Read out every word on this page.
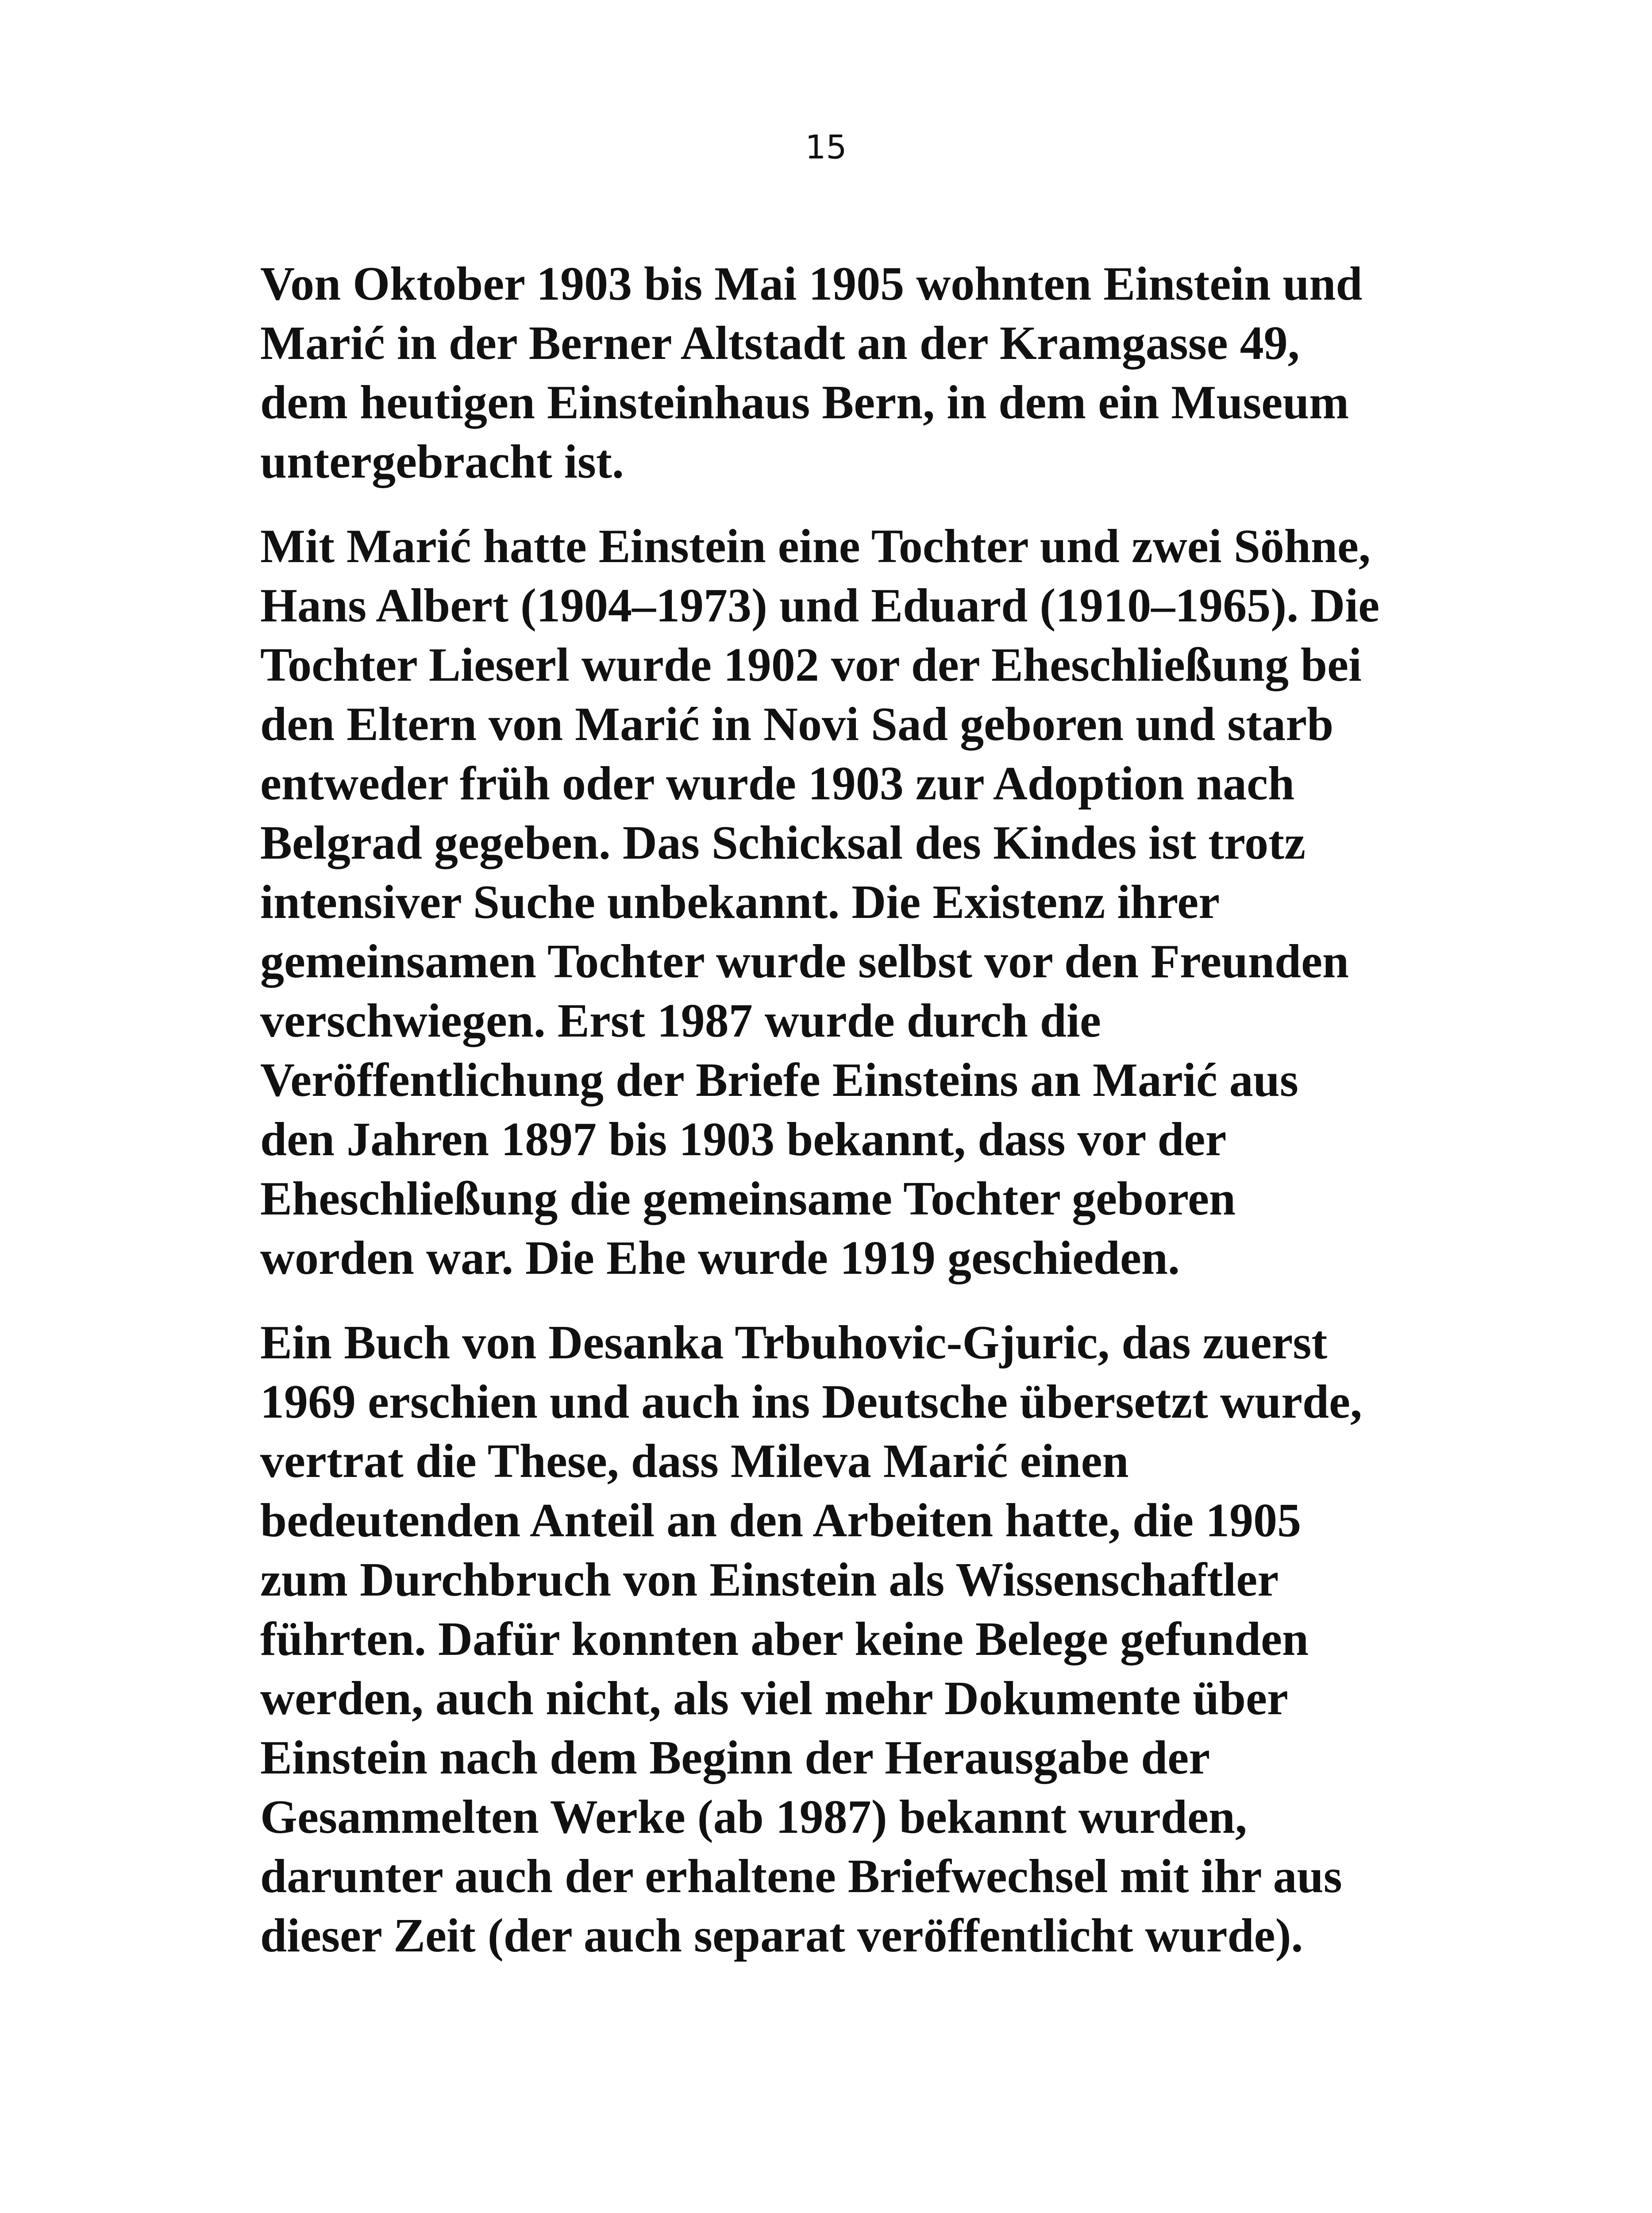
15

Von Oktober 1903 bis Mai 1905 wohnten Einstein und
Marić in der Berner Altstadt an der Kramgasse 49,
dem heutigen Einsteinhaus Bern, in dem ein Museum
untergebracht ist.

Mit Marić hatte Einstein eine Tochter und zwei Söhne,
Hans Albert (1904–1973) und Eduard (1910–1965). Die
Tochter Lieserl wurde 1902 vor der Eheschließung bei
den Eltern von Marić in Novi Sad geboren und starb
entweder früh oder wurde 1903 zur Adoption nach
Belgrad gegeben. Das Schicksal des Kindes ist trotz
intensiver Suche unbekannt. Die Existenz ihrer
gemeinsamen Tochter wurde selbst vor den Freunden
verschwiegen. Erst 1987 wurde durch die
Veröffentlichung der Briefe Einsteins an Marić aus
den Jahren 1897 bis 1903 bekannt, dass vor der
Eheschließung die gemeinsame Tochter geboren
worden war. Die Ehe wurde 1919 geschieden.

Ein Buch von Desanka Trbuhovic-Gjuric, das zuerst
1969 erschien und auch ins Deutsche übersetzt wurde,
vertrat die These, dass Mileva Marić einen
bedeutenden Anteil an den Arbeiten hatte, die 1905
zum Durchbruch von Einstein als Wissenschaftler
führten. Dafür konnten aber keine Belege gefunden
werden, auch nicht, als viel mehr Dokumente über
Einstein nach dem Beginn der Herausgabe der
Gesammelten Werke (ab 1987) bekannt wurden,
darunter auch der erhaltene Briefwechsel mit ihr aus
dieser Zeit (der auch separat veröffentlicht wurde).
